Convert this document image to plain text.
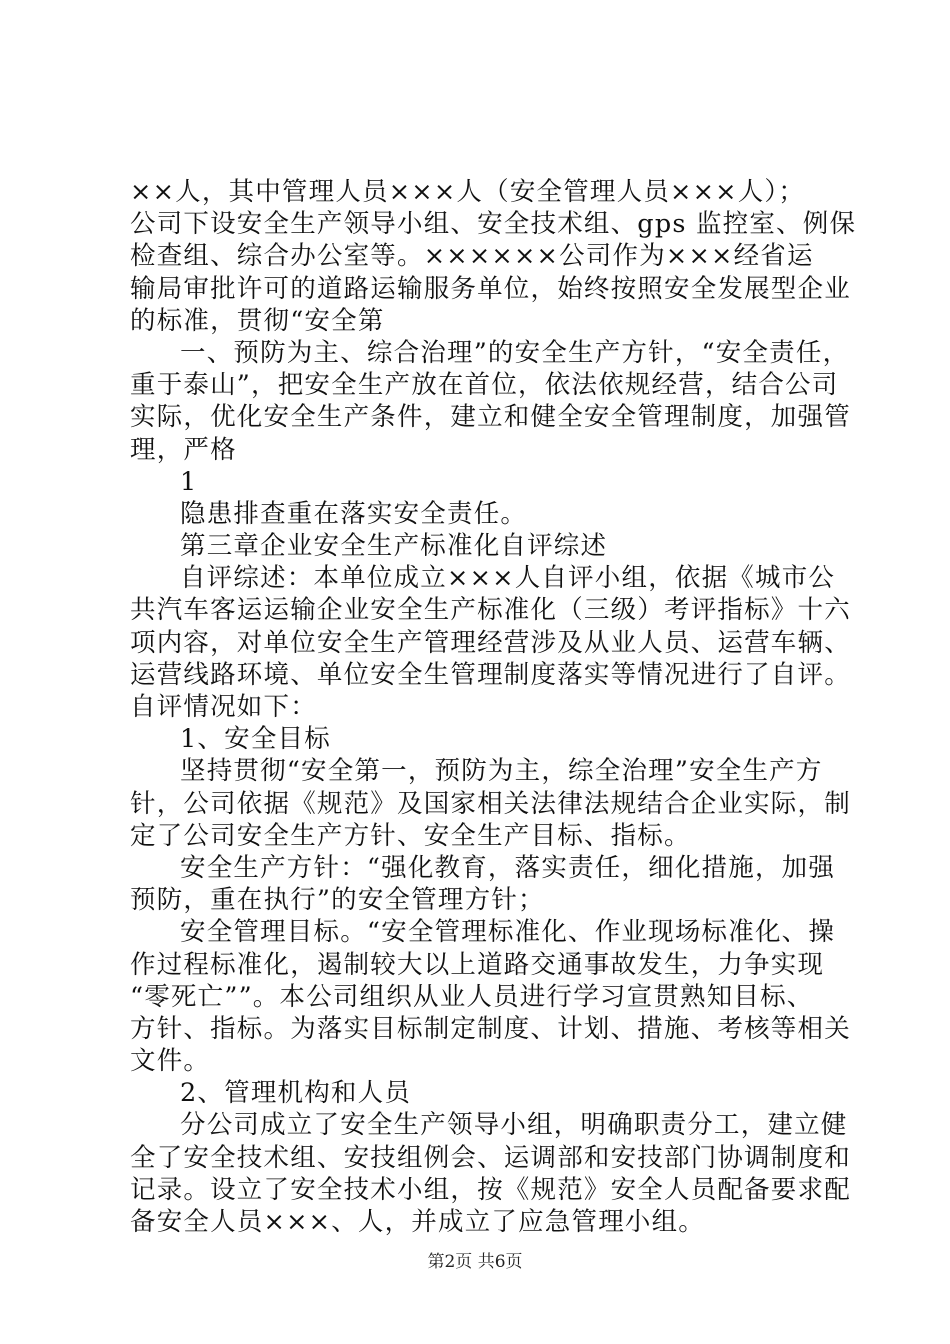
××人，其中管理人员×××人（安全管理人员×××人）；
公司下设安全生产领导小组、安全技术组、gps 监控室、例保
检查组、综合办公室等。××××××公司作为×××经省运
输局审批许可的道路运输服务单位，始终按照安全发展型企业
的标准，贯彻“安全第
一、预防为主、综合治理”的安全生产方针，“安全责任，
重于泰山”，把安全生产放在首位，依法依规经营，结合公司
实际，优化安全生产条件，建立和健全安全管理制度，加强管
理，严格
1
隐患排查重在落实安全责任。
第三章企业安全生产标准化自评综述
自评综述：本单位成立×××人自评小组，依据《城市公
共汽车客运运输企业安全生产标准化（三级）考评指标》十六
项内容，对单位安全生产管理经营涉及从业人员、运营车辆、
运营线路环境、单位安全生管理制度落实等情况进行了自评。
自评情况如下：
1、安全目标
坚持贯彻“安全第一，预防为主，综全治理”安全生产方
针，公司依据《规范》及国家相关法律法规结合企业实际，制
定了公司安全生产方针、安全生产目标、指标。
安全生产方针：“强化教育，落实责任，细化措施，加强
预防，重在执行”的安全管理方针；
安全管理目标。“安全管理标准化、作业现场标准化、操
作过程标准化，遏制较大以上道路交通事故发生，力争实现
“零死亡””。本公司组织从业人员进行学习宣贯熟知目标、
方针、指标。为落实目标制定制度、计划、措施、考核等相关
文件。
2、管理机构和人员
分公司成立了安全生产领导小组，明确职责分工，建立健
全了安全技术组、安技组例会、运调部和安技部门协调制度和
记录。设立了安全技术小组，按《规范》安全人员配备要求配
备安全人员×××、人，并成立了应急管理小组。
第2页 共6页
